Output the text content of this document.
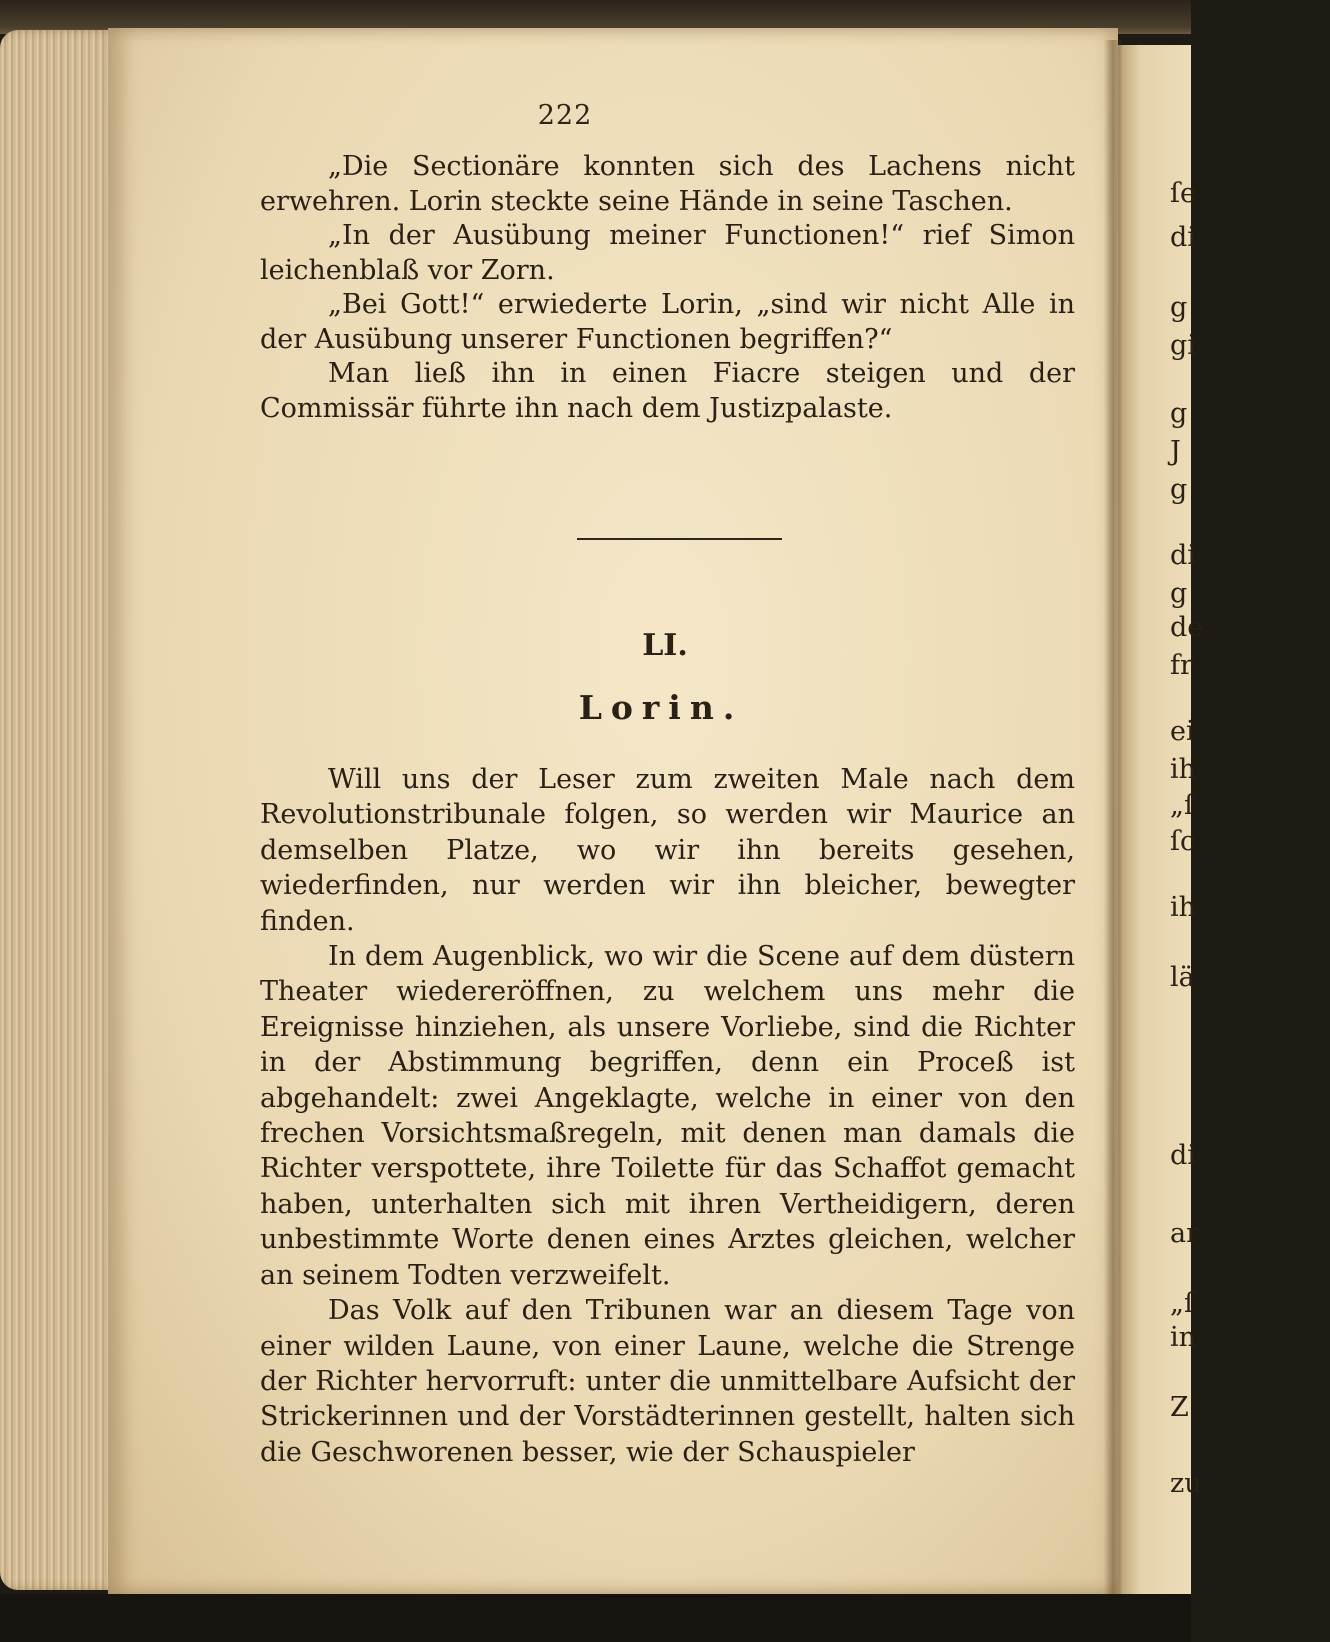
222

„Die Sectionäre konnten sich des Lachens nicht erwehren. Lorin steckte seine Hände in seine Taschen.

„In der Ausübung meiner Functionen!“ rief Simon leichenblaß vor Zorn.

„Bei Gott!“ erwiederte Lorin, „sind wir nicht Alle in der Ausübung unserer Functionen begriffen?“

Man ließ ihn in einen Fiacre steigen und der Commissär führte ihn nach dem Justizpalaste.

LI.
Lorin.

Will uns der Leser zum zweiten Male nach dem Revolutionstribunale folgen, so werden wir Maurice an demselben Platze, wo wir ihn bereits gesehen, wiederfinden, nur werden wir ihn bleicher, bewegter finden.

In dem Augenblick, wo wir die Scene auf dem düstern Theater wiedereröffnen, zu welchem uns mehr die Ereignisse hinziehen, als unsere Vorliebe, sind die Richter in der Abstimmung begriffen, denn ein Proceß ist abgehandelt: zwei Angeklagte, welche in einer von den frechen Vorsichtsmaßregeln, mit denen man damals die Richter verspottete, ihre Toilette für das Schaffot gemacht haben, unterhalten sich mit ihren Vertheidigern, deren unbestimmte Worte denen eines Arztes gleichen, welcher an seinem Todten verzweifelt.

Das Volk auf den Tribunen war an diesem Tage von einer wilden Laune, von einer Laune, welche die Strenge der Richter hervorruft: unter die unmittelbare Aufsicht der Strickerinnen und der Vorstädterinnen gestellt, halten sich die Geschworenen besser, wie der Schauspieler

ſe
di
g
gi
g
J
g
di
g
de
fr
ei
ih
„ſ
ſc
ih
lä
di
ar
„ſ
in
Z
zu
